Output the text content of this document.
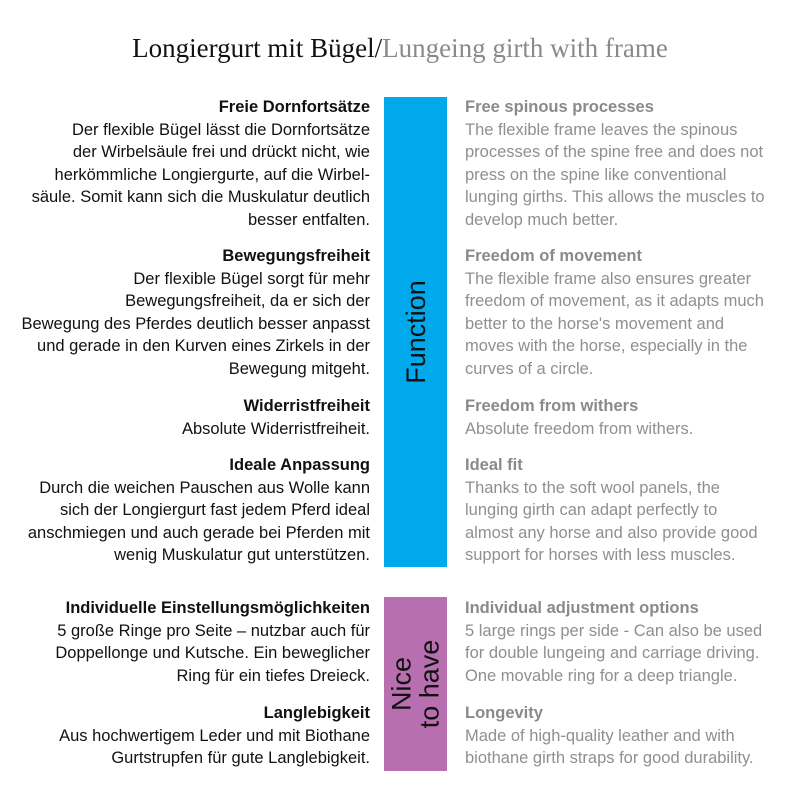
Longiergurt mit Bügel/Lungeing girth with frame
Function
Nice
to have
Freie Dornfortsätze
Der flexible Bügel lässt die Dornfortsätze
der Wirbelsäule frei und drückt nicht, wie
herkömmliche Longiergurte, auf die Wirbel-
säule. Somit kann sich die Muskulatur deutlich
besser entfalten.
Bewegungsfreiheit
Der flexible Bügel sorgt für mehr
Bewegungsfreiheit, da er sich der
Bewegung des Pferdes deutlich besser anpasst
und gerade in den Kurven eines Zirkels in der
Bewegung mitgeht.
Widerristfreiheit
Absolute Widerristfreiheit.
Ideale Anpassung
Durch die weichen Pauschen aus Wolle kann
sich der Longiergurt fast jedem Pferd ideal
anschmiegen und auch gerade bei Pferden mit
wenig Muskulatur gut unterstützen.
Individuelle Einstellungsmöglichkeiten
5 große Ringe pro Seite – nutzbar auch für
Doppellonge und Kutsche. Ein beweglicher
Ring für ein tiefes Dreieck.
Langlebigkeit
Aus hochwertigem Leder und mit Biothane
Gurtstrupfen für gute Langlebigkeit.
Free spinous processes
The flexible frame leaves the spinous
processes of the spine free and does not
press on the spine like conventional
lunging girths. This allows the muscles to
develop much better.
Freedom of movement
The flexible frame also ensures greater
freedom of movement, as it adapts much
better to the horse's movement and
moves with the horse, especially in the
curves of a circle.
Freedom from withers
Absolute freedom from withers.
Ideal fit
Thanks to the soft wool panels, the
lunging girth can adapt perfectly to
almost any horse and also provide good
support for horses with less muscles.
Individual adjustment options
5 large rings per side - Can also be used
for double lungeing and carriage driving.
One movable ring for a deep triangle.
Longevity
Made of high-quality leather and with
biothane girth straps for good durability.
